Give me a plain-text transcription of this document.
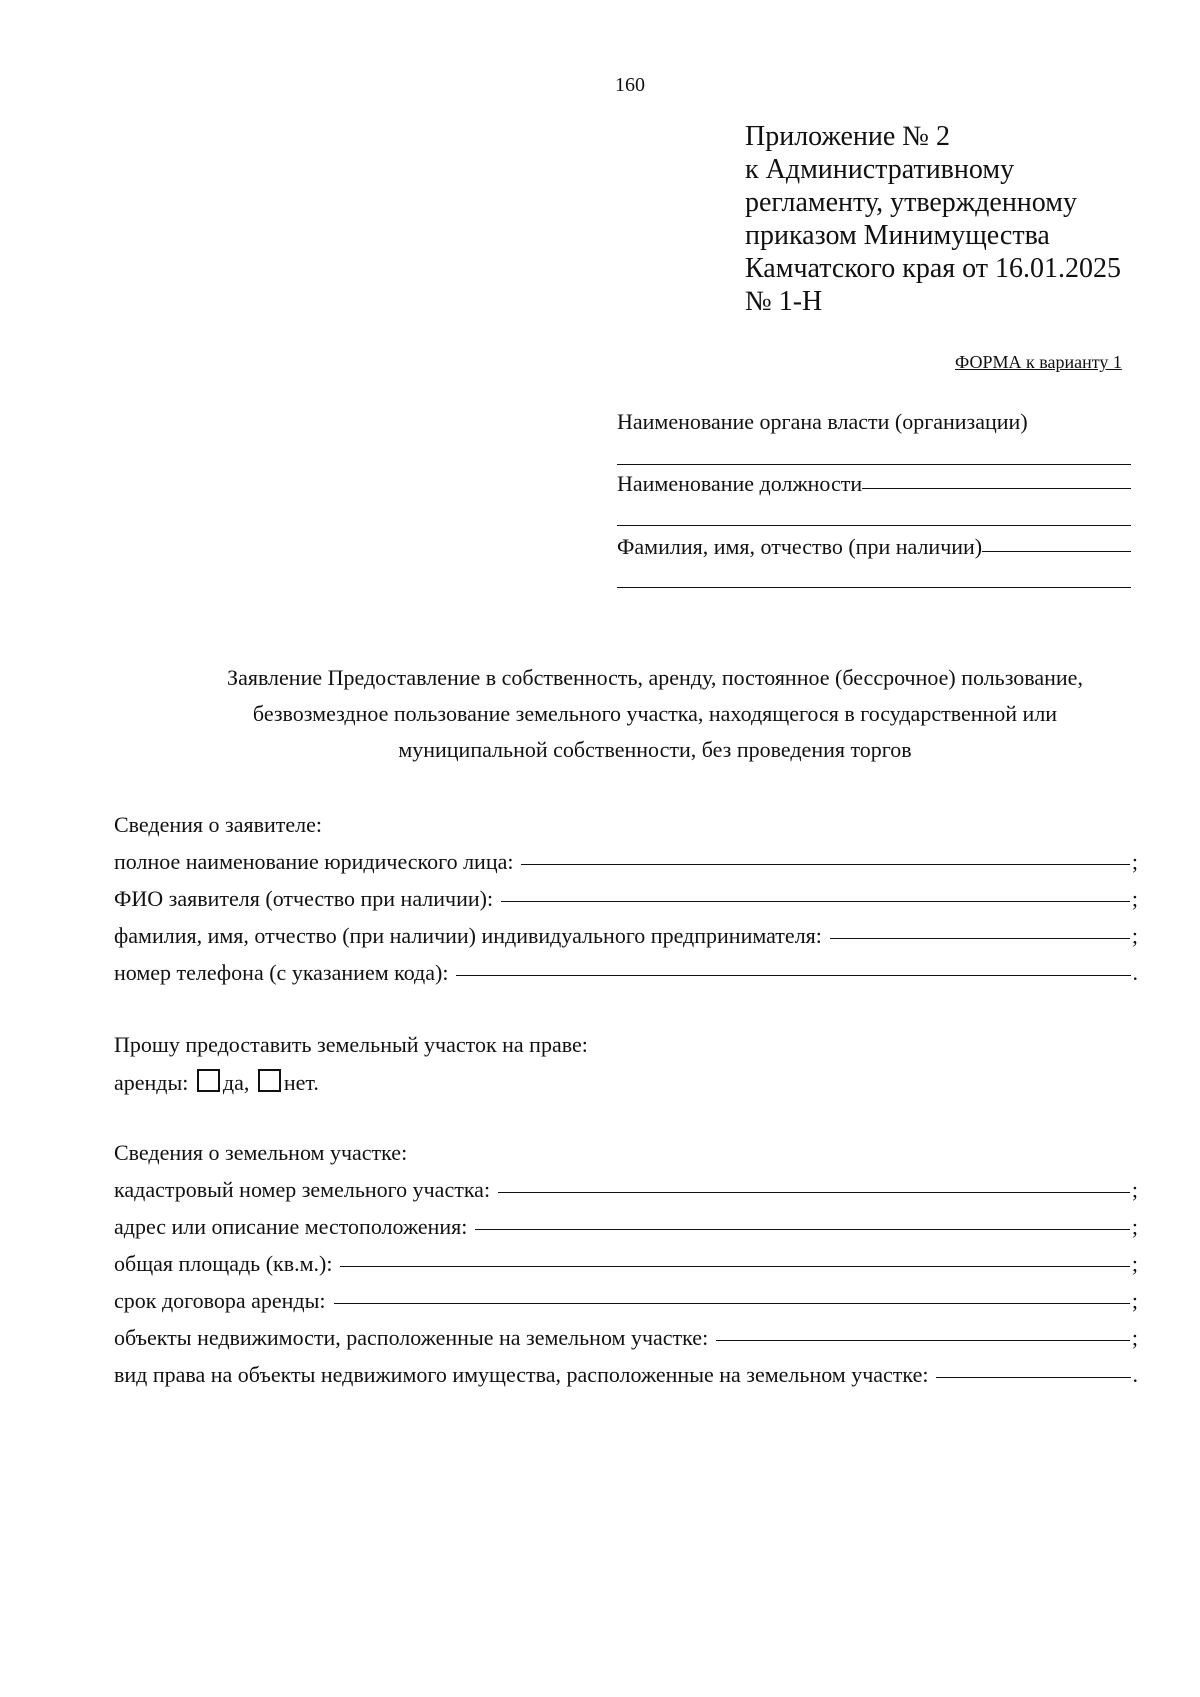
160
Приложение № 2
к Административному
регламенту, утвержденному
приказом Минимущества
Камчатского края от 16.01.2025
№ 1-Н
ФОРМА к варианту 1
Наименование органа власти (организации)
Наименование должности
Фамилия, имя, отчество (при наличии)
Заявление Предоставление в собственность, аренду, постоянное (бессрочное) пользование,
безвозмездное пользование земельного участка, находящегося в государственной или
муниципальной собственности, без проведения торгов
Сведения о заявителе:
полное наименование юридического лица:	;
ФИО заявителя (отчество при наличии):	;
фамилия, имя, отчество (при наличии) индивидуального предпринимателя:	;
номер телефона (с указанием кода):	.
Прошу предоставить земельный участок на праве:
аренды: да, нет.
Сведения о земельном участке:
кадастровый номер земельного участка:	;
адрес или описание местоположения:	;
общая площадь (кв.м.):	;
срок договора аренды:	;
объекты недвижимости, расположенные на земельном участке:	;
вид права на объекты недвижимого имущества, расположенные на земельном участке:	.
